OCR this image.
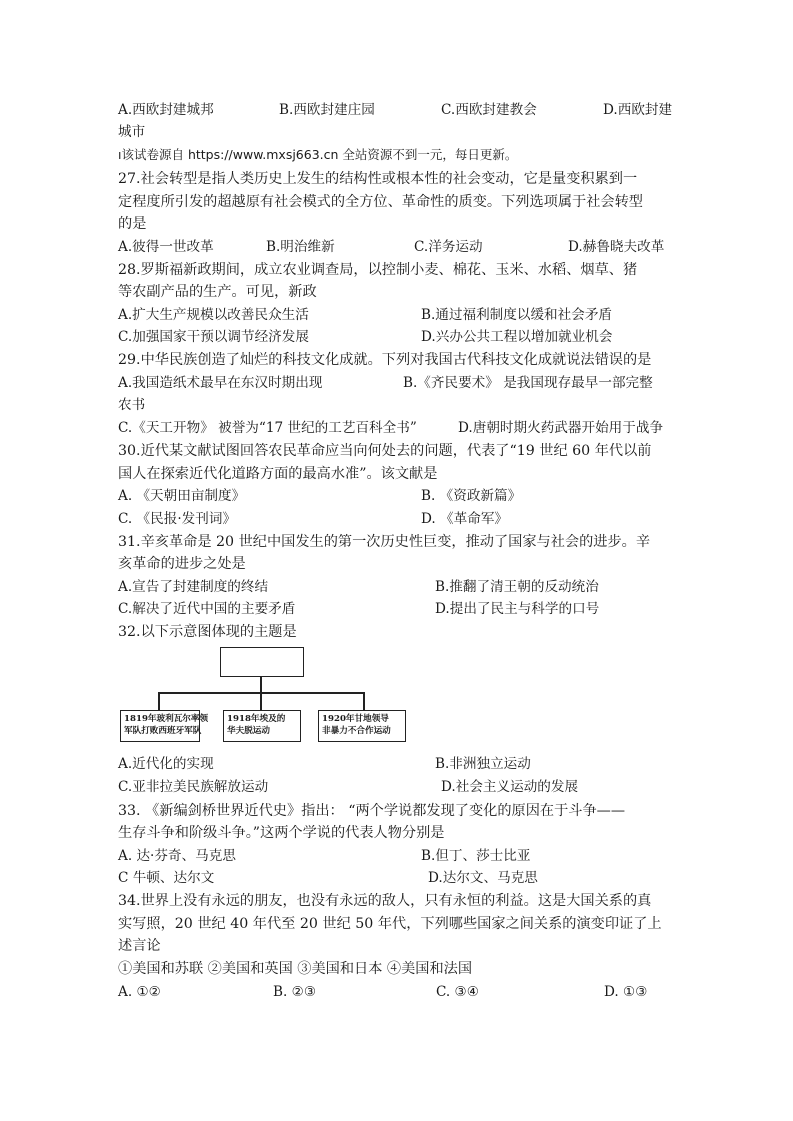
A.西欧封建城邦	B.西欧封建庄园	C.西欧封建教会	D.西欧封建
城市
ı该试卷源自 https://www.mxsj663.cn 全站资源不到一元，每日更新。
27.社会转型是指人类历史上发生的结构性或根本性的社会变动，它是量变积累到一
定程度所引发的超越原有社会模式的全方位、革命性的质变。下列选项属于社会转型
的是
A.彼得一世改革	B.明治维新	C.洋务运动	D.赫鲁晓夫改革
28.罗斯福新政期间，成立农业调查局，以控制小麦、棉花、玉米、水稻、烟草、猪
等农副产品的生产。可见，新政
A.扩大生产规模以改善民众生活	B.通过福利制度以缓和社会矛盾
C.加强国家干预以调节经济发展	D.兴办公共工程以增加就业机会
29.中华民族创造了灿烂的科技文化成就。下列对我国古代科技文化成就说法错误的是
A.我国造纸术最早在东汉时期出现	B.《齐民要术》 是我国现存最早一部完整
农书
C.《天工开物》 被誉为“17 世纪的工艺百科全书”	D.唐朝时期火药武器开始用于战争
30.近代某文献试图回答农民革命应当向何处去的问题，代表了“19 世纪 60 年代以前
国人在探索近代化道路方面的最高水准”。该文献是
A. 《天朝田亩制度》	B. 《资政新篇》
C. 《民报·发刊词》	D. 《革命军》
31.辛亥革命是 20 世纪中国发生的第一次历史性巨变，推动了国家与社会的进步。辛
亥革命的进步之处是
A.宣告了封建制度的终结	B.推翻了清王朝的反动统治
C.解决了近代中国的主要矛盾	D.提出了民主与科学的口号
32.以下示意图体现的主题是
1819年玻利瓦尔率领
军队打败西班牙军队
1918年埃及的
华夫脱运动
1920年甘地领导
非暴力不合作运动
A.近代化的实现	B.非洲独立运动
C.亚非拉美民族解放运动	D.社会主义运动的发展
33. 《新编剑桥世界近代史》指出： “两个学说都发现了变化的原因在于斗争——
生存斗争和阶级斗争。”这两个学说的代表人物分别是
A. 达·芬奇、马克思	B.但丁、莎士比亚
C 牛顿、达尔文	D.达尔文、马克思
34.世界上没有永远的朋友，也没有永远的敌人，只有永恒的利益。这是大国关系的真
实写照，20 世纪 40 年代至 20 世纪 50 年代，下列哪些国家之间关系的演变印证了上
述言论
①美国和苏联 ②美国和英国 ③美国和日本 ④美国和法国
A. ①②	B. ②③	C. ③④	D. ①③
